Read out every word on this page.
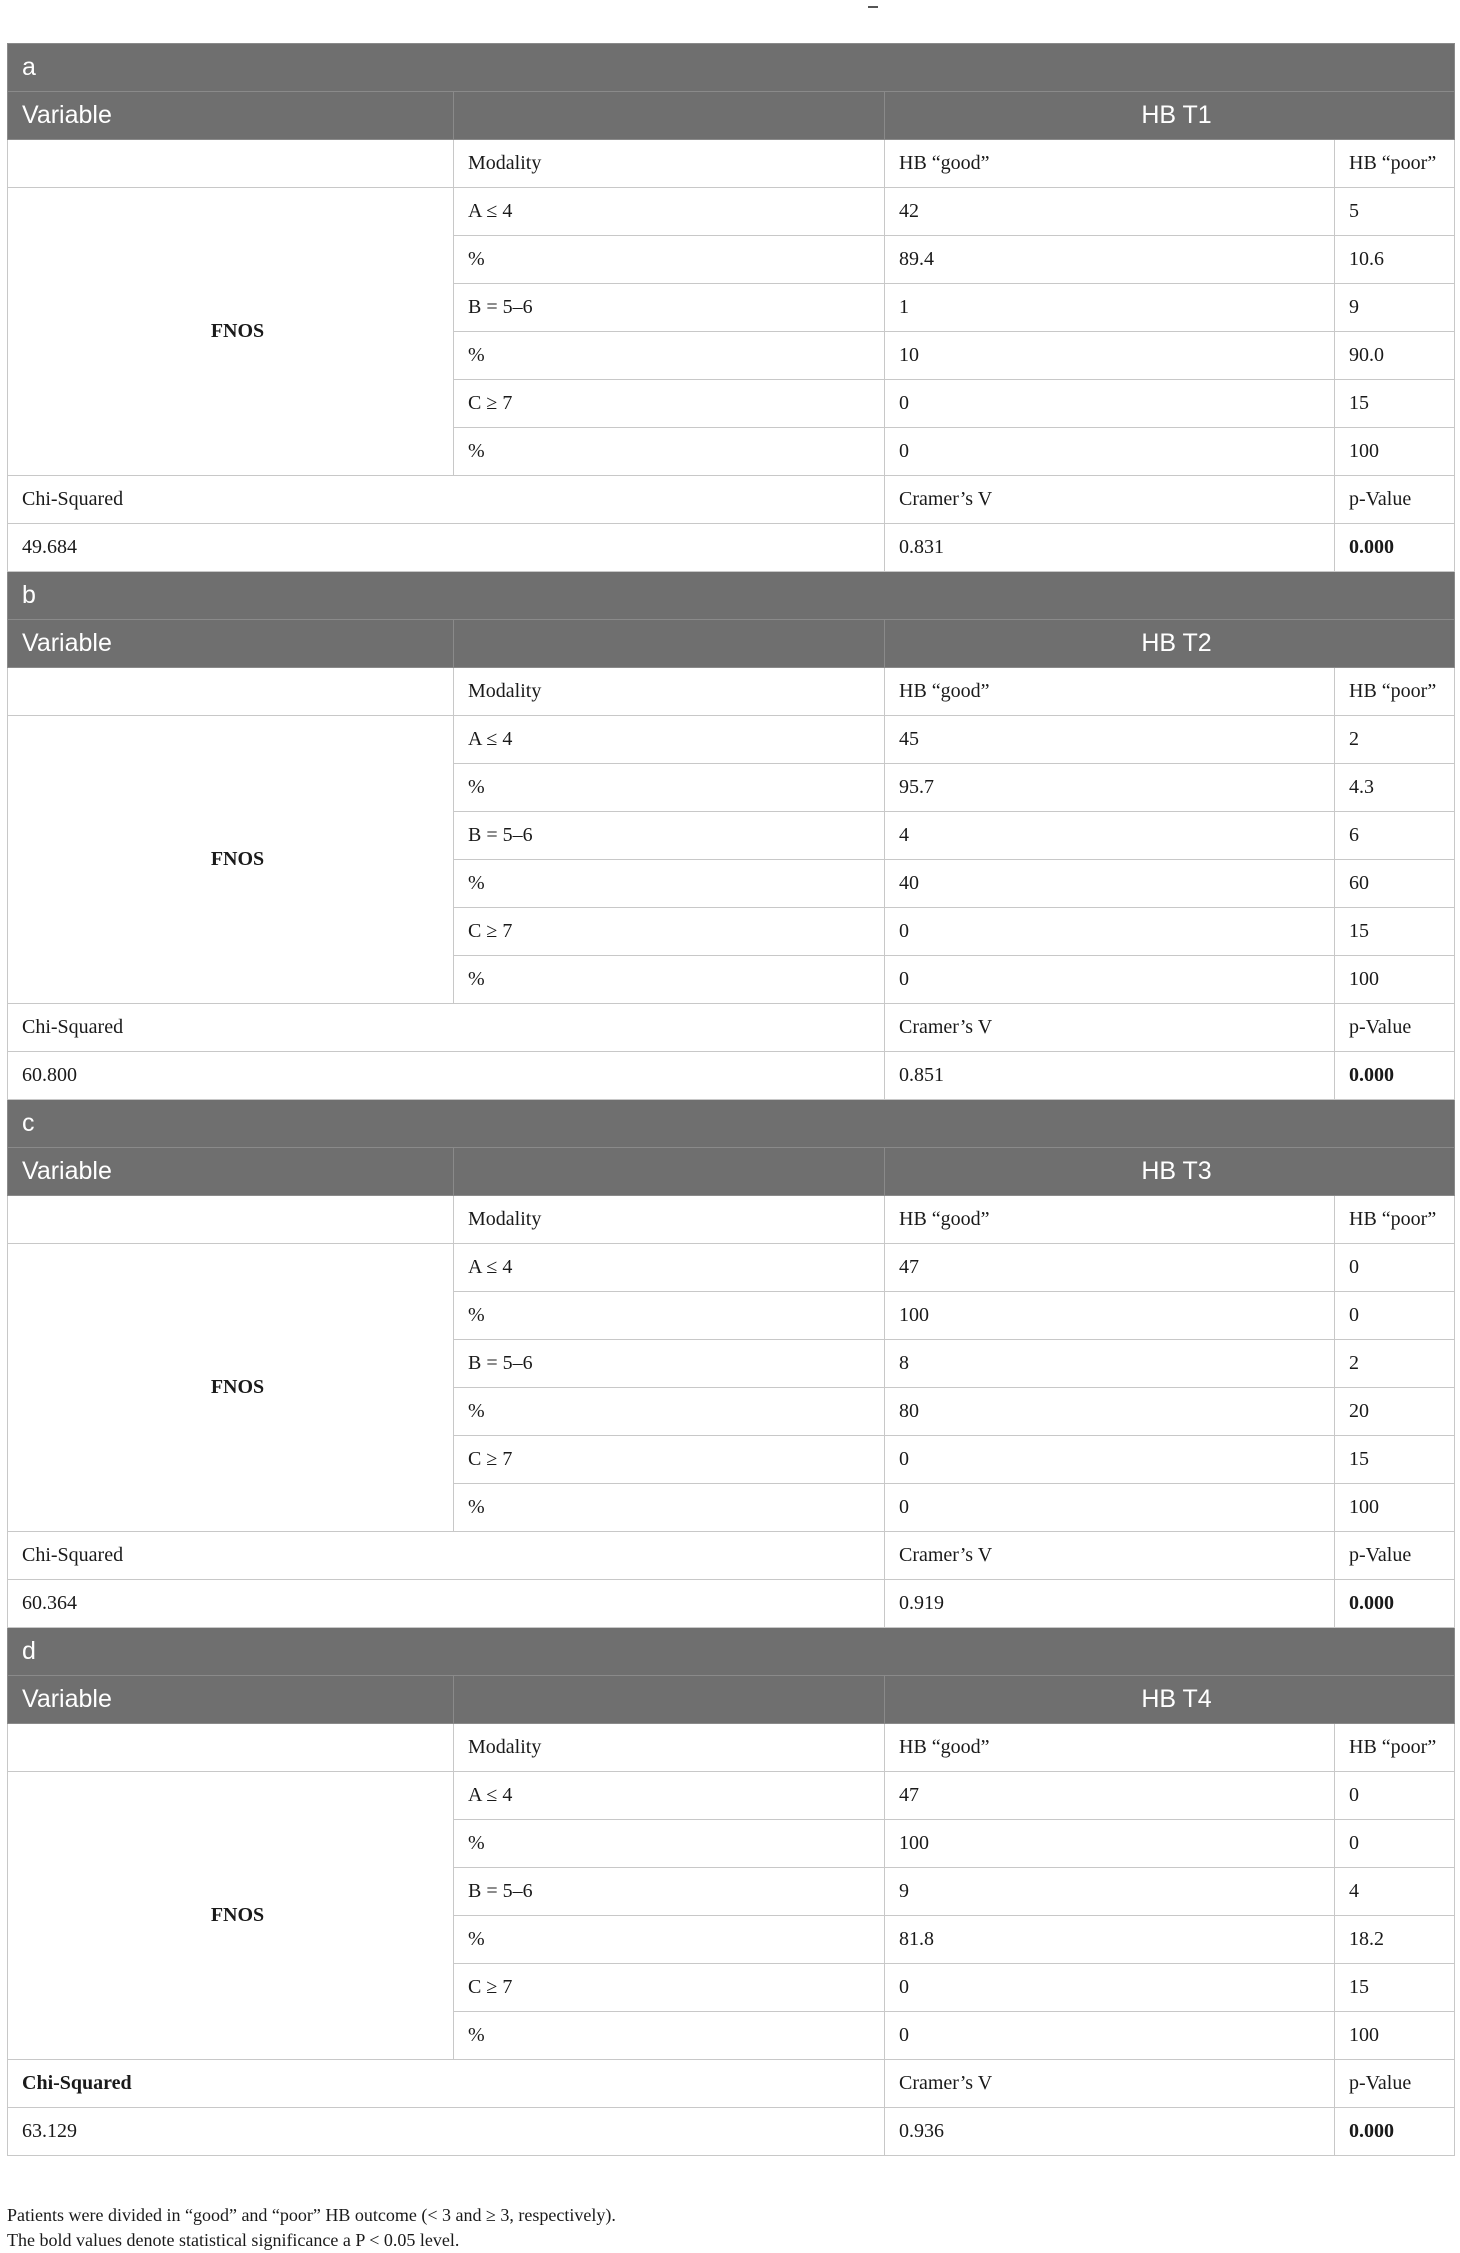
a			
Variable		HB T1	
	Modality	HB “good”	HB “poor”
FNOS	A ≤ 4	42	5
	%	89.4	10.6
	B = 5–6	1	9
	%	10	90.0
	C ≥ 7	0	15
	%	0	100
Chi-Squared		Cramer’s V	p-Value
49.684		0.831	0.000
b			
Variable		HB T2	
	Modality	HB “good”	HB “poor”
FNOS	A ≤ 4	45	2
	%	95.7	4.3
	B = 5–6	4	6
	%	40	60
	C ≥ 7	0	15
	%	0	100
Chi-Squared		Cramer’s V	p-Value
60.800		0.851	0.000
c			
Variable		HB T3	
	Modality	HB “good”	HB “poor”
FNOS	A ≤ 4	47	0
	%	100	0
	B = 5–6	8	2
	%	80	20
	C ≥ 7	0	15
	%	0	100
Chi-Squared		Cramer’s V	p-Value
60.364		0.919	0.000
d			
Variable		HB T4	
	Modality	HB “good”	HB “poor”
FNOS	A ≤ 4	47	0
	%	100	0
	B = 5–6	9	4
	%	81.8	18.2
	C ≥ 7	0	15
	%	0	100
Chi-Squared		Cramer’s V	p-Value
63.129		0.936	0.000
Patients were divided in “good” and “poor” HB outcome (< 3 and ≥ 3, respectively).
The bold values denote statistical significance a P < 0.05 level.
